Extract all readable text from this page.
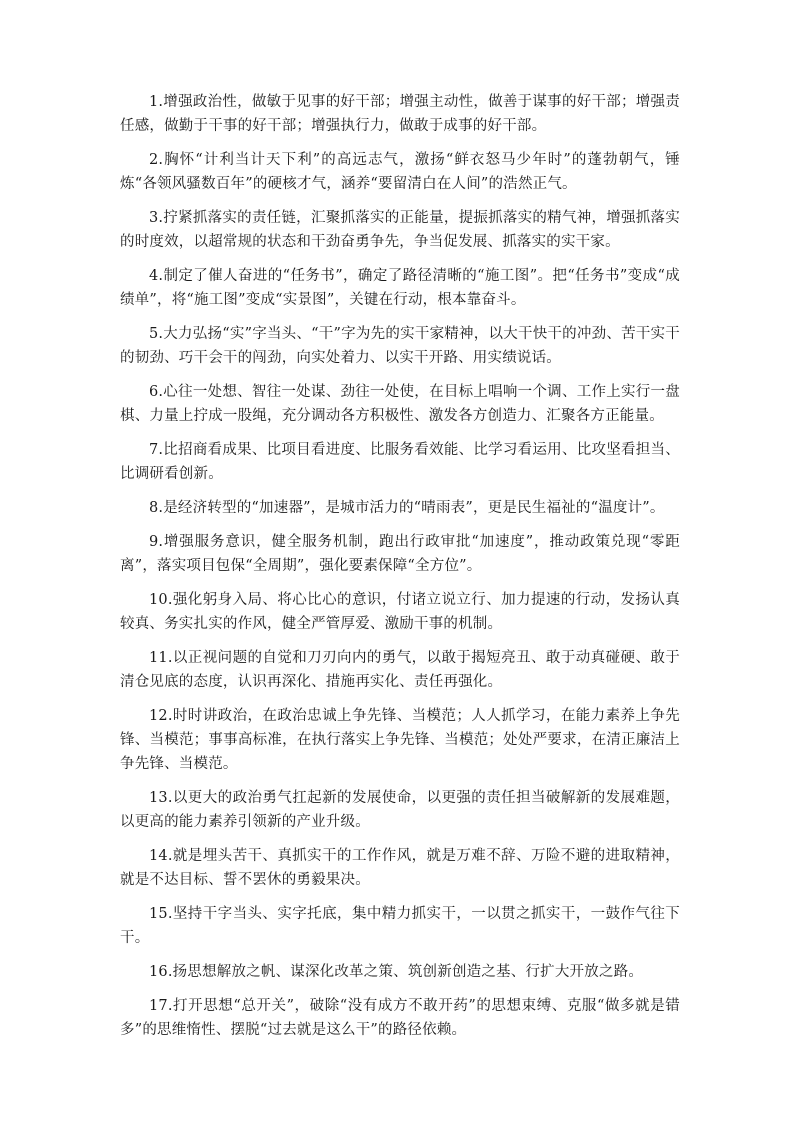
1.增强政治性，做敏于见事的好干部；增强主动性，做善于谋事的好干部；增强责任感，做勤于干事的好干部；增强执行力，做敢于成事的好干部。

2.胸怀“计利当计天下利”的高远志气，激扬“鲜衣怒马少年时”的蓬勃朝气，锤炼“各领风骚数百年”的硬核才气，涵养“要留清白在人间”的浩然正气。

3.拧紧抓落实的责任链，汇聚抓落实的正能量，提振抓落实的精气神，增强抓落实的时度效，以超常规的状态和干劲奋勇争先，争当促发展、抓落实的实干家。

4.制定了催人奋进的“任务书”，确定了路径清晰的“施工图”。把“任务书”变成“成绩单”，将“施工图”变成“实景图”，关键在行动，根本靠奋斗。

5.大力弘扬“实”字当头、“干”字为先的实干家精神，以大干快干的冲劲、苦干实干的韧劲、巧干会干的闯劲，向实处着力、以实干开路、用实绩说话。

6.心往一处想、智往一处谋、劲往一处使，在目标上唱响一个调、工作上实行一盘棋、力量上拧成一股绳，充分调动各方积极性、激发各方创造力、汇聚各方正能量。

7.比招商看成果、比项目看进度、比服务看效能、比学习看运用、比攻坚看担当、比调研看创新。

8.是经济转型的“加速器”，是城市活力的“晴雨表”，更是民生福祉的“温度计”。

9.增强服务意识，健全服务机制，跑出行政审批“加速度”，推动政策兑现“零距离”，落实项目包保“全周期”，强化要素保障“全方位”。

10.强化躬身入局、将心比心的意识，付诸立说立行、加力提速的行动，发扬认真较真、务实扎实的作风，健全严管厚爱、激励干事的机制。

11.以正视问题的自觉和刀刃向内的勇气，以敢于揭短亮丑、敢于动真碰硬、敢于清仓见底的态度，认识再深化、措施再实化、责任再强化。

12.时时讲政治，在政治忠诚上争先锋、当模范；人人抓学习，在能力素养上争先锋、当模范；事事高标准，在执行落实上争先锋、当模范；处处严要求，在清正廉洁上争先锋、当模范。

13.以更大的政治勇气扛起新的发展使命，以更强的责任担当破解新的发展难题，以更高的能力素养引领新的产业升级。

14.就是埋头苦干、真抓实干的工作作风，就是万难不辞、万险不避的进取精神，就是不达目标、誓不罢休的勇毅果决。

15.坚持干字当头、实字托底，集中精力抓实干，一以贯之抓实干，一鼓作气往下干。

16.扬思想解放之帆、谋深化改革之策、筑创新创造之基、行扩大开放之路。

17.打开思想“总开关”，破除“没有成方不敢开药”的思想束缚、克服“做多就是错多”的思维惰性、摆脱“过去就是这么干”的路径依赖。
